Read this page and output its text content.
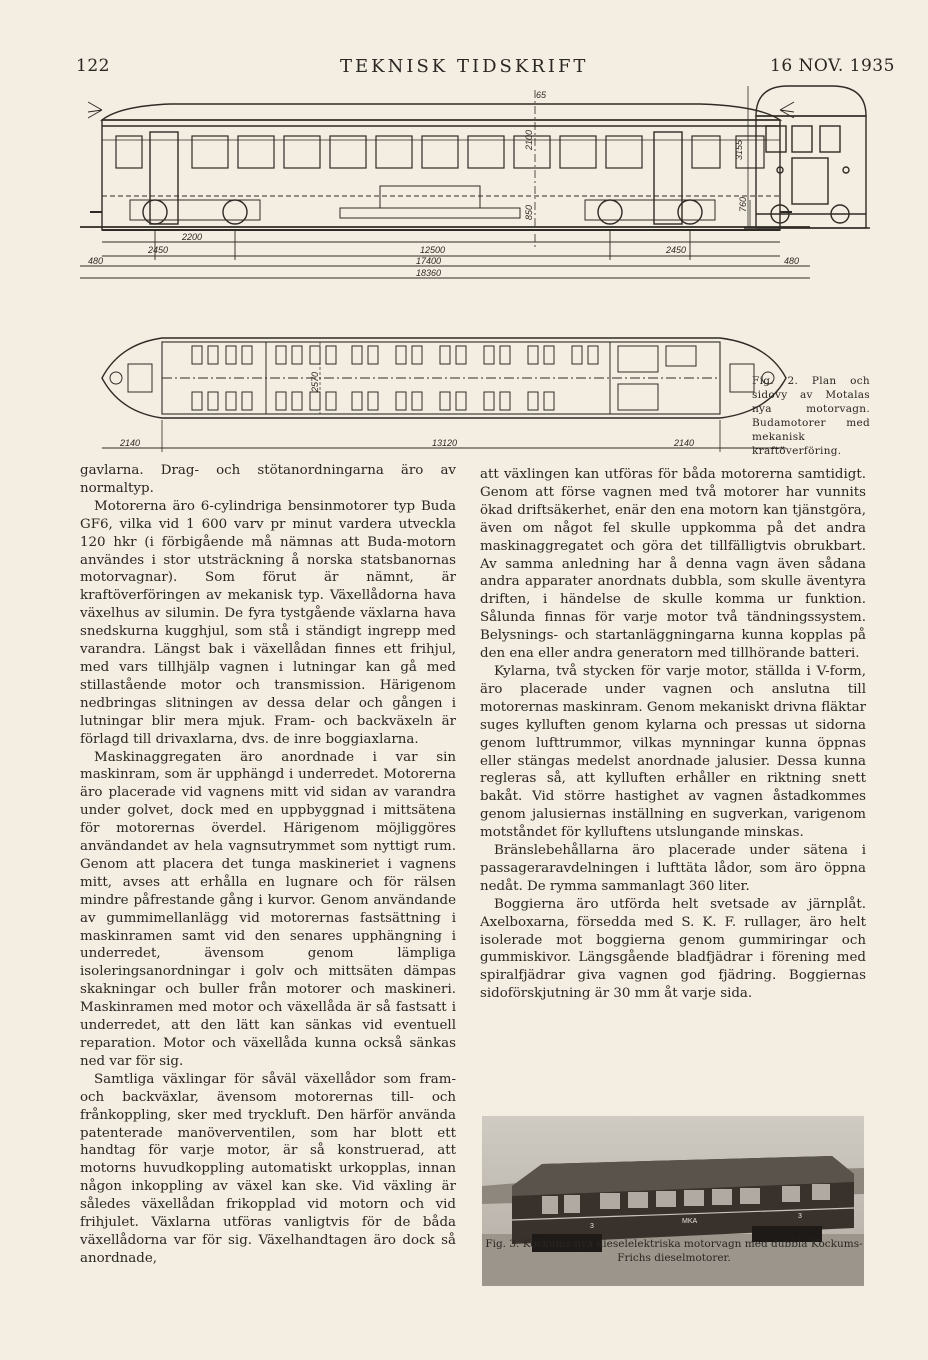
122	TEKNISK TIDSKRIFT	16 NOV. 1935
65
2100	3155
760
850
2200
2450	12500	2450
17400
480	480
18360
2140	13120	2140
2570	Fig. 2. Plan och sidovy av Motalas nya motorvagn. Budamotorer med mekanisk kraftöverföring.

gavlarna. Drag- och stötanordningarna äro av normaltyp.

Motorerna äro 6-cylindriga bensinmotorer typ Buda GF6, vilka vid 1 600 varv pr minut vardera utveckla 120 hkr (i förbigående må nämnas att Buda-motorn användes i stor utsträckning å norska statsbanornas motorvagnar). Som förut är nämnt, är kraftöverföringen av mekanisk typ. Växellådorna hava växelhus av silumin. De fyra tystgående växlarna hava snedskurna kugghjul, som stå i ständigt ingrepp med varandra. Längst bak i växellådan finnes ett frihjul, med vars tillhjälp vagnen i lutningar kan gå med stillastående motor och transmission. Härigenom nedbringas slitningen av dessa delar och gången i lutningar blir mera mjuk. Fram- och backväxeln är förlagd till drivaxlarna, dvs. de inre boggiaxlarna.

Maskinaggregaten äro anordnade i var sin maskinram, som är upphängd i underredet. Motorerna äro placerade vid vagnens mitt vid sidan av varandra under golvet, dock med en uppbyggnad i mittsätena för motorernas överdel. Härigenom möjliggöres användandet av hela vagnsutrymmet som nyttigt rum. Genom att placera det tunga maskineriet i vagnens mitt, avses att erhålla en lugnare och för rälsen mindre påfrestande gång i kurvor. Genom användande av gummimellanlägg vid motorernas fastsättning i maskinramen samt vid den senares upphängning i underredet, ävensom genom lämpliga isoleringsanordningar i golv och mittsäten dämpas skakningar och buller från motorer och maskineri. Maskinramen med motor och växellåda är så fastsatt i underredet, att den lätt kan sänkas vid eventuell reparation. Motor och växellåda kunna också sänkas ned var för sig.

Samtliga växlingar för såväl växellådor som fram- och backväxlar, ävensom motorernas till- och frånkoppling, sker med tryckluft. Den härför använda patenterade manöverventilen, som har blott ett handtag för varje motor, är så konstruerad, att motorns huvudkoppling automatiskt urkopplas, innan någon inkoppling av växel kan ske. Vid växling är således växellådan frikopplad vid motorn och vid frihjulet. Växlarna utföras vanligtvis för de båda växellådorna var för sig. Växelhandtagen äro dock så anordnade,

att växlingen kan utföras för båda motorerna samtidigt. Genom att förse vagnen med två motorer har vunnits ökad driftsäkerhet, enär den ena motorn kan tjänstgöra, även om något fel skulle uppkomma på det andra maskinaggregatet och göra det tillfälligtvis obrukbart. Av samma anledning har å denna vagn även sådana andra apparater anordnats dubbla, som skulle äventyra driften, i händelse de skulle komma ur funktion. Sålunda finnas för varje motor två tändningssystem. Belysnings- och startanläggningarna kunna kopplas på den ena eller andra generatorn med tillhörande batteri.

Kylarna, två stycken för varje motor, ställda i V-form, äro placerade under vagnen och anslutna till motorernas maskinram. Genom mekaniskt drivna fläktar suges kylluften genom kylarna och pressas ut sidorna genom lufttrummor, vilkas mynningar kunna öppnas eller stängas medelst anordnade jalusier. Dessa kunna regleras så, att kylluften erhåller en riktning snett bakåt. Vid större hastighet av vagnen åstadkommes genom jalusiernas inställning en sugverkan, varigenom motståndet för kylluftens utslungande minskas.

Bränslebehållarna äro placerade under sätena i passageraravdelningen i lufttäta lådor, som äro öppna nedåt. De rymma sammanlagt 360 liter.

Boggierna äro utförda helt svetsade av järnplåt. Axelboxarna, försedda med S. K. F. rullager, äro helt isolerade mot boggierna genom gummiringar och gummiskivor. Längsgående bladfjädrar i förening med spiralfjädrar giva vagnen god fjädring. Boggiernas sidoförskjutning är 30 mm åt varje sida.

3
MKA
3
Fig. 3. Kockums nya dieselelektriska motorvagn med dubbla Kockums-Frichs dieselmotorer.
